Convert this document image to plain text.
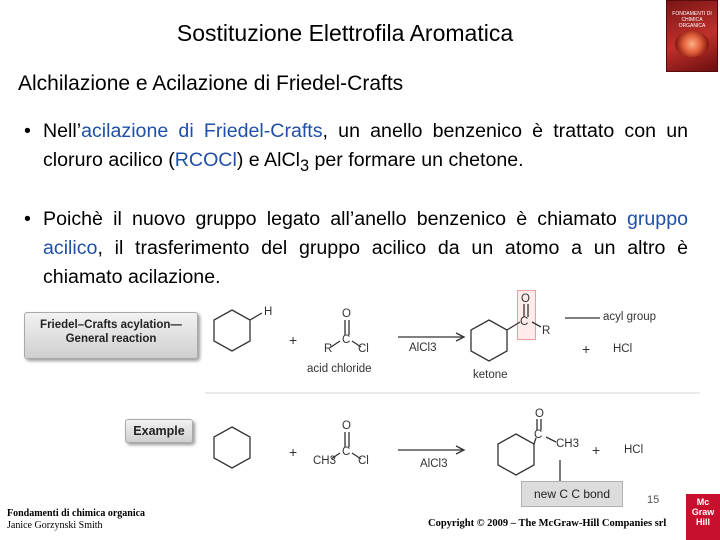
Sostituzione Elettrofila Aromatica
FONDAMENTI DI CHIMICA ORGANICA
Alchilazione e Acilazione di Friedel-Crafts
• Nell’acilazione di Friedel-Crafts, un anello benzenico è trattato con un cloruro acilico (RCOCl) e AlCl$_3$ per formare un chetone.
• Poichè il nuovo gruppo legato all’anello benzenico è chiamato gruppo acilico, il trasferimento del gruppo acilico da un atomo a un altro è chiamato acilazione.
Friedel–Crafts acylation— General reaction
Example
H
+
O
C
R Cl
acid chloride
AlCl3
ketone
O
C
R
acyl group
+ HCl
+
O
C
CH3 Cl	AlCl3
O
C
CH3 + HCl
new C C bond
Fondamenti di chimica organica
Janice Gorzynski Smith	Copyright © 2009 – The McGraw-Hill Companies srl
15	Mc Graw Hill
